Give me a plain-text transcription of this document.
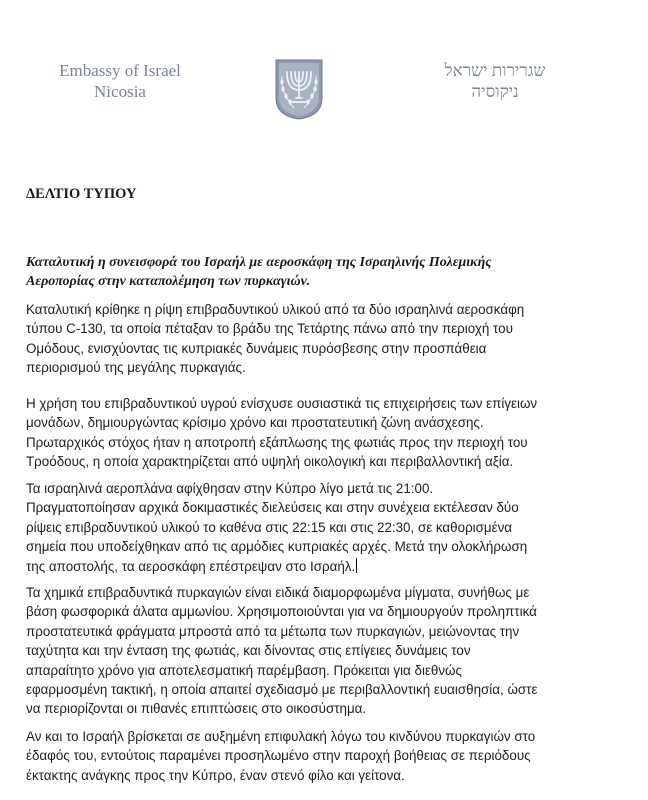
Embassy of Israel
Nicosia
שגרירות ישראל
ניקוסיה
ΔΕΛΤΙΟ ΤΥΠΟΥ
Καταλυτική η συνεισφορά του Ισραήλ με αεροσκάφη της Ισραηλινής Πολεμικής
Αεροπορίας στην καταπολέμηση των πυρκαγιών.
Καταλυτική κρίθηκε η ρίψη επιβραδυντικού υλικού από τα δύο ισραηλινά αεροσκάφη
τύπου C-130, τα οποία πέταξαν το βράδυ της Τετάρτης πάνω από την περιοχή του
Ομόδους, ενισχύοντας τις κυπριακές δυνάμεις πυρόσβεσης στην προσπάθεια
περιορισμού της μεγάλης πυρκαγιάς.
Η χρήση του επιβραδυντικού υγρού ενίσχυσε ουσιαστικά τις επιχειρήσεις των επίγειων
μονάδων, δημιουργώντας κρίσιμο χρόνο και προστατευτική ζώνη ανάσχεσης.
Πρωταρχικός στόχος ήταν η αποτροπή εξάπλωσης της φωτιάς προς την περιοχή του
Τροόδους, η οποία χαρακτηρίζεται από υψηλή οικολογική και περιβαλλοντική αξία.
Τα ισραηλινά αεροπλάνα αφίχθησαν στην Κύπρο λίγο μετά τις 21:00.
Πραγματοποίησαν αρχικά δοκιμαστικές διελεύσεις και στην συνέχεια εκτέλεσαν δύο
ρίψεις επιβραδυντικού υλικού το καθένα στις 22:15 και στις 22:30, σε καθορισμένα
σημεία που υποδείχθηκαν από τις αρμόδιες κυπριακές αρχές. Μετά την ολοκλήρωση
της αποστολής, τα αεροσκάφη επέστρεψαν στο Ισραήλ.
Τα χημικά επιβραδυντικά πυρκαγιών είναι ειδικά διαμορφωμένα μίγματα, συνήθως με
βάση φωσφορικά άλατα αμμωνίου. Χρησιμοποιούνται για να δημιουργούν προληπτικά
προστατευτικά φράγματα μπροστά από τα μέτωπα των πυρκαγιών, μειώνοντας την
ταχύτητα και την ένταση της φωτιάς, και δίνοντας στις επίγειες δυνάμεις τον
απαραίτητο χρόνο για αποτελεσματική παρέμβαση. Πρόκειται για διεθνώς
εφαρμοσμένη τακτική, η οποία απαιτεί σχεδιασμό με περιβαλλοντική ευαισθησία, ώστε
να περιορίζονται οι πιθανές επιπτώσεις στο οικοσύστημα.
Αν και το Ισραήλ βρίσκεται σε αυξημένη επιφυλακή λόγω του κινδύνου πυρκαγιών στο
έδαφός του, εντούτοις παραμένει προσηλωμένο στην παροχή βοήθειας σε περιόδους
έκτακτης ανάγκης προς την Κύπρο, έναν στενό φίλο και γείτονα.
